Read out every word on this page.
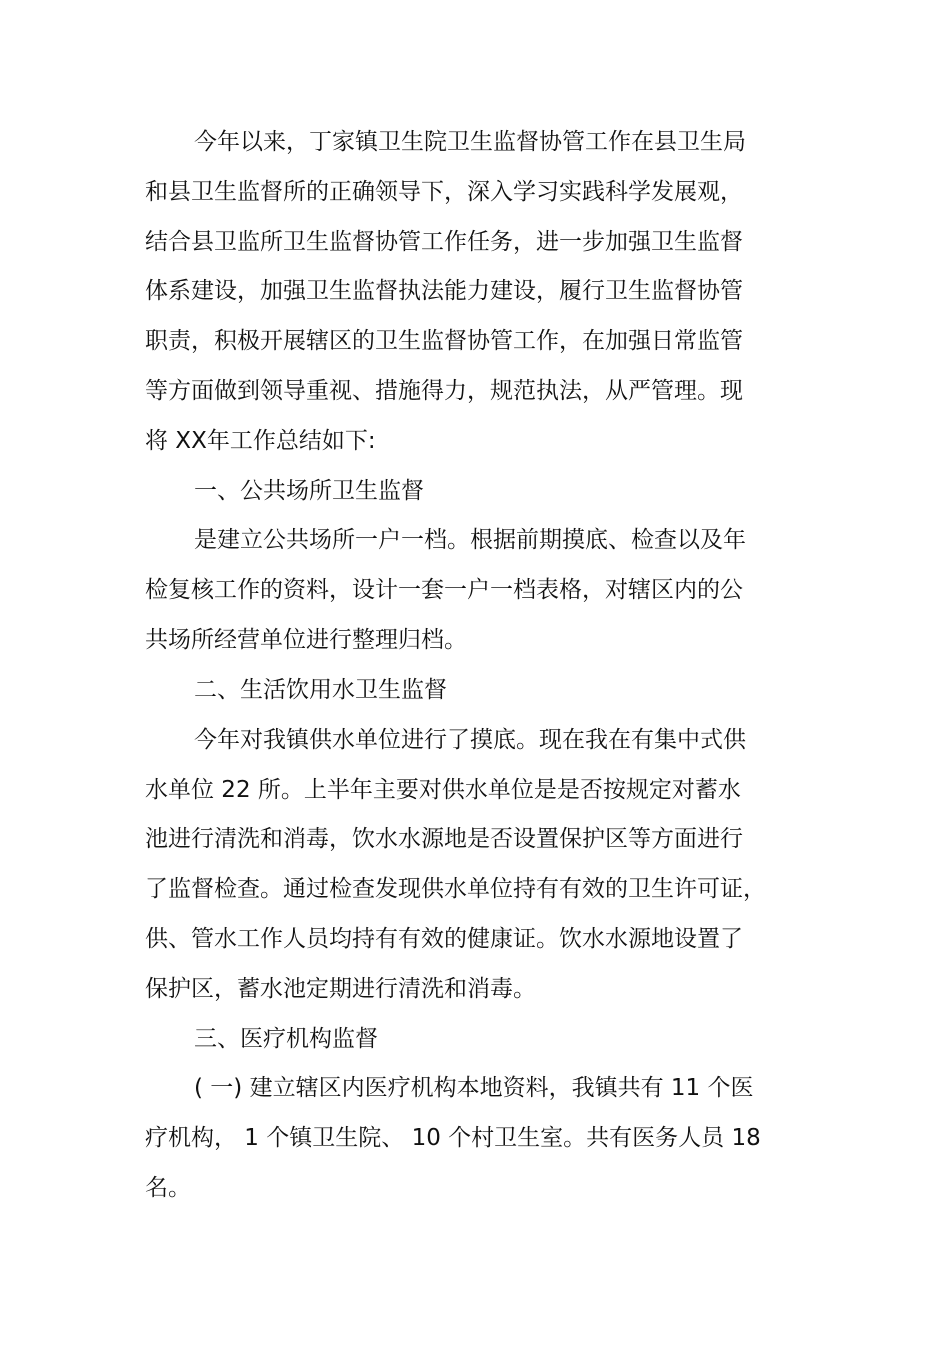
今年以来，丁家镇卫生院卫生监督协管工作在县卫生局
和县卫生监督所的正确领导下，深入学习实践科学发展观，
结合县卫监所卫生监督协管工作任务，进一步加强卫生监督
体系建设，加强卫生监督执法能力建设，履行卫生监督协管
职责，积极开展辖区的卫生监督协管工作，在加强日常监管
等方面做到领导重视、措施得力，规范执法，从严管理。现
将 XX年工作总结如下:
一、公共场所卫生监督
是建立公共场所一户一档。根据前期摸底、检查以及年
检复核工作的资料，设计一套一户一档表格，对辖区内的公
共场所经营单位进行整理归档。
二、生活饮用水卫生监督
今年对我镇供水单位进行了摸底。现在我在有集中式供
水单位 22 所。上半年主要对供水单位是是否按规定对蓄水
池进行清洗和消毒，饮水水源地是否设置保护区等方面进行
了监督检查。通过检查发现供水单位持有有效的卫生许可证，
供、管水工作人员均持有有效的健康证。饮水水源地设置了
保护区，蓄水池定期进行清洗和消毒。
三、医疗机构监督
( 一) 建立辖区内医疗机构本地资料，我镇共有 11 个医
疗机构， 1 个镇卫生院、 10 个村卫生室。共有医务人员 18
名。
